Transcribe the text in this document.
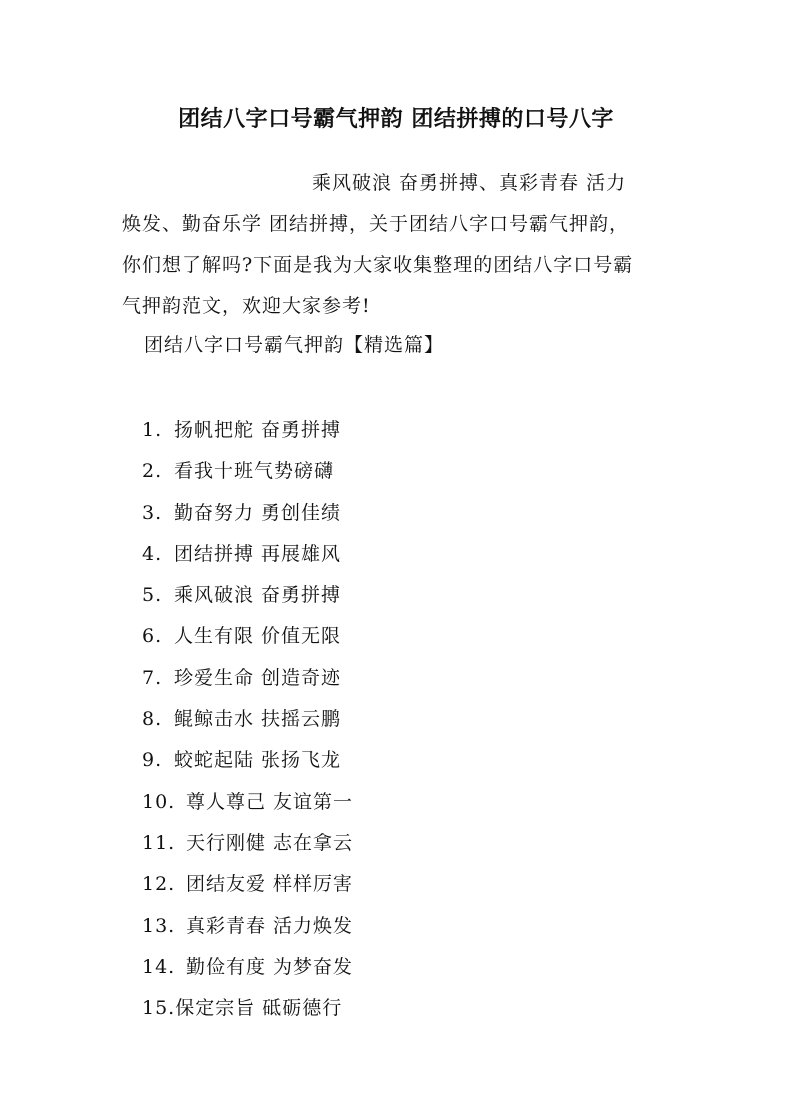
团结八字口号霸气押韵 团结拼搏的口号八字
乘风破浪 奋勇拼搏、真彩青春 活力
焕发、勤奋乐学 团结拼搏，关于团结八字口号霸气押韵，
你们想了解吗?下面是我为大家收集整理的团结八字口号霸
气押韵范文，欢迎大家参考!
团结八字口号霸气押韵【精选篇】
1. 扬帆把舵 奋勇拼搏
2. 看我十班气势磅礴
3. 勤奋努力 勇创佳绩
4. 团结拼搏 再展雄风
5. 乘风破浪 奋勇拼搏
6. 人生有限 价值无限
7. 珍爱生命 创造奇迹
8. 鲲鲸击水 扶摇云鹏
9. 蛟蛇起陆 张扬飞龙
10. 尊人尊己 友谊第一
11. 天行刚健 志在拿云
12. 团结友爱 样样厉害
13. 真彩青春 活力焕发
14. 勤俭有度 为梦奋发
15.保定宗旨 砥砺德行
